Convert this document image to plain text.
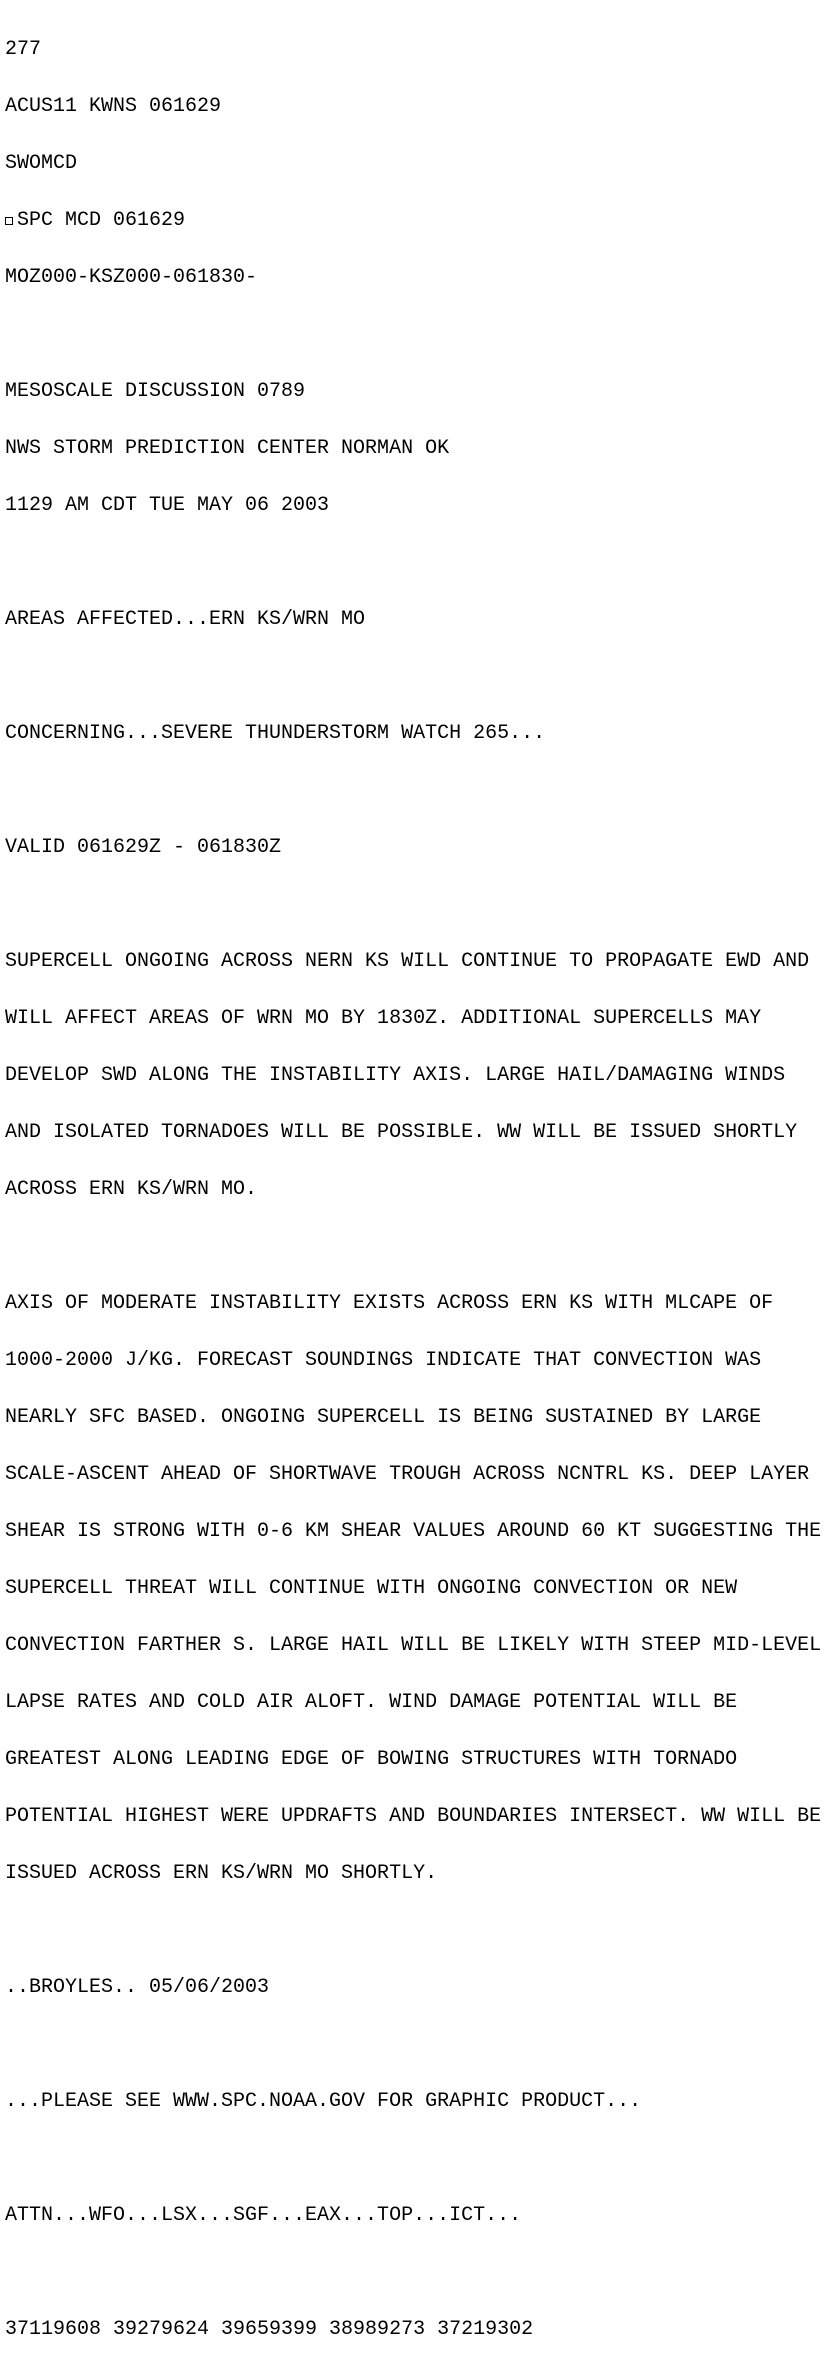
277

ACUS11 KWNS 061629

SWOMCD

SPC MCD 061629

MOZ000-KSZ000-061830-

MESOSCALE DISCUSSION 0789

NWS STORM PREDICTION CENTER NORMAN OK

1129 AM CDT TUE MAY 06 2003

AREAS AFFECTED...ERN KS/WRN MO

CONCERNING...SEVERE THUNDERSTORM WATCH 265...

VALID 061629Z - 061830Z

SUPERCELL ONGOING ACROSS NERN KS WILL CONTINUE TO PROPAGATE EWD AND

WILL AFFECT AREAS OF WRN MO BY 1830Z. ADDITIONAL SUPERCELLS MAY

DEVELOP SWD ALONG THE INSTABILITY AXIS. LARGE HAIL/DAMAGING WINDS

AND ISOLATED TORNADOES WILL BE POSSIBLE. WW WILL BE ISSUED SHORTLY

ACROSS ERN KS/WRN MO.

AXIS OF MODERATE INSTABILITY EXISTS ACROSS ERN KS WITH MLCAPE OF

1000-2000 J/KG. FORECAST SOUNDINGS INDICATE THAT CONVECTION WAS

NEARLY SFC BASED. ONGOING SUPERCELL IS BEING SUSTAINED BY LARGE

SCALE-ASCENT AHEAD OF SHORTWAVE TROUGH ACROSS NCNTRL KS. DEEP LAYER

SHEAR IS STRONG WITH 0-6 KM SHEAR VALUES AROUND 60 KT SUGGESTING THE

SUPERCELL THREAT WILL CONTINUE WITH ONGOING CONVECTION OR NEW

CONVECTION FARTHER S. LARGE HAIL WILL BE LIKELY WITH STEEP MID-LEVEL

LAPSE RATES AND COLD AIR ALOFT. WIND DAMAGE POTENTIAL WILL BE

GREATEST ALONG LEADING EDGE OF BOWING STRUCTURES WITH TORNADO

POTENTIAL HIGHEST WERE UPDRAFTS AND BOUNDARIES INTERSECT. WW WILL BE

ISSUED ACROSS ERN KS/WRN MO SHORTLY.

..BROYLES.. 05/06/2003

...PLEASE SEE WWW.SPC.NOAA.GOV FOR GRAPHIC PRODUCT...

ATTN...WFO...LSX...SGF...EAX...TOP...ICT...

37119608 39279624 39659399 38989273 37219302
